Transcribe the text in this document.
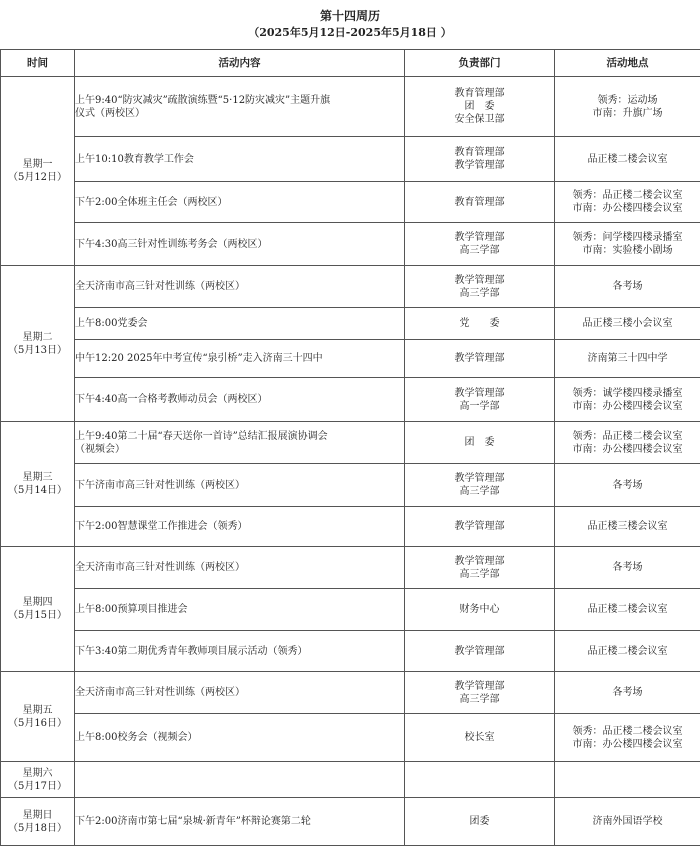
第十四周历
（2025年5月12日-2025年5月18日 ）
时间	活动内容	负责部门	活动地点

星期一
（5月12日）	上午9:40“防灾减灾”疏散演练暨“5·12防灾减灾”主题升旗
仪式（两校区）	教育管理部
团　委
安全保卫部	领秀：运动场
市南：升旗广场

	上午10:10教育教学工作会	教育管理部
教学管理部	品正楼二楼会议室

	下午2:00全体班主任会（两校区）	教育管理部	领秀：品正楼二楼会议室
市南：办公楼四楼会议室

	下午4:30高三针对性训练考务会（两校区）	教学管理部
高三学部	领秀：问学楼四楼录播室
市南：实验楼小剧场

星期二
（5月13日）	全天济南市高三针对性训练（两校区）	教学管理部
高三学部	各考场

	上午8:00党委会	党　　委	品正楼三楼小会议室

	中午12:20 2025年中考宣传“泉引桥”走入济南三十四中	教学管理部	济南第三十四中学

	下午4:40高一合格考教师动员会（两校区）	教学管理部
高一学部	领秀：诚学楼四楼录播室
市南：办公楼四楼会议室

星期三
（5月14日）	上午9:40第二十届“春天送你一首诗”总结汇报展演协调会
（视频会）	团　委	领秀：品正楼二楼会议室
市南：办公楼四楼会议室

	下午济南市高三针对性训练（两校区）	教学管理部
高三学部	各考场

	下午2:00智慧课堂工作推进会（领秀）	教学管理部	品正楼三楼会议室

星期四
（5月15日）	全天济南市高三针对性训练（两校区）	教学管理部
高三学部	各考场

	上午8:00预算项目推进会	财务中心	品正楼二楼会议室

	下午3:40第二期优秀青年教师项目展示活动（领秀）	教学管理部	品正楼二楼会议室

星期五
（5月16日）	全天济南市高三针对性训练（两校区）	教学管理部
高三学部	各考场

	上午8:00校务会（视频会）	校长室	领秀：品正楼二楼会议室
市南：办公楼四楼会议室

星期六
（5月17日）			

星期日
（5月18日）	下午2:00济南市第七届“泉城·新青年”杯辩论赛第二轮	团委	济南外国语学校
